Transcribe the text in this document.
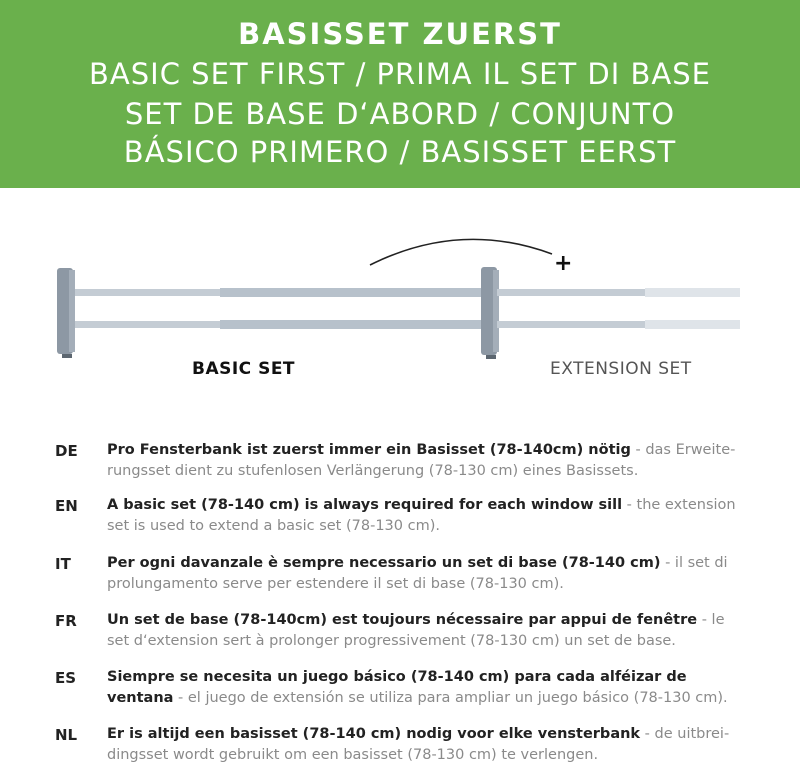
BASISSET ZUERST
BASIC SET FIRST / PRIMA IL SET DI BASE
SET DE BASE D‘ABORD / CONJUNTO
BÁSICO PRIMERO / BASISSET EERST
+
BASIC SET	EXTENSION SET
DE Pro Fensterbank ist zuerst immer ein Basisset (78-140cm) nötig - das Erweite-rungsset dient zu stufenlosen Verlängerung (78-130 cm) eines Basissets.
EN A basic set (78-140 cm) is always required for each window sill - the extension set is used to extend a basic set (78-130 cm).
IT Per ogni davanzale è sempre necessario un set di base (78-140 cm) - il set di prolungamento serve per estendere il set di base (78-130 cm).
FR Un set de base (78-140cm) est toujours nécessaire par appui de fenêtre - le set d‘extension sert à prolonger progressivement (78-130 cm) un set de base.
ES Siempre se necesita un juego básico (78-140 cm) para cada alféizar de ventana - el juego de extensión se utiliza para ampliar un juego básico (78-130 cm).
NL Er is altijd een basisset (78-140 cm) nodig voor elke vensterbank - de uitbrei-dingsset wordt gebruikt om een basisset (78-130 cm) te verlengen.
